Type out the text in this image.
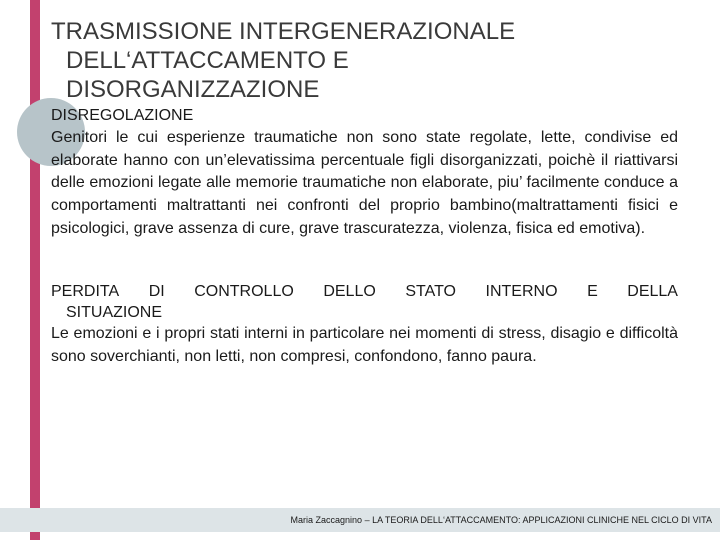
TRASMISSIONE INTERGENERAZIONALE
DELL‘ATTACCAMENTO E
DISORGANIZZAZIONE
DISREGOLAZIONE

Genitori le cui esperienze traumatiche non sono state regolate, lette, condivise ed elaborate hanno con un’elevatissima percentuale figli disorganizzati, poichè il riattivarsi delle emozioni legate alle memorie traumatiche non elaborate, piu’ facilmente conduce a comportamenti maltrattanti nei confronti del proprio bambino(maltrattamenti fisici e psicologici, grave assenza di cure, grave trascuratezza, violenza, fisica ed emotiva).

PERDITA DI CONTROLLO DELLO STATO INTERNO E DELLA
SITUAZIONE

Le emozioni e i propri stati interni in particolare nei momenti di stress, disagio e difficoltà sono soverchianti, non letti, non compresi, confondono, fanno paura.

Maria Zaccagnino – LA TEORIA DELL‘ATTACCAMENTO: APPLICAZIONI CLINICHE NEL CICLO DI VITA
